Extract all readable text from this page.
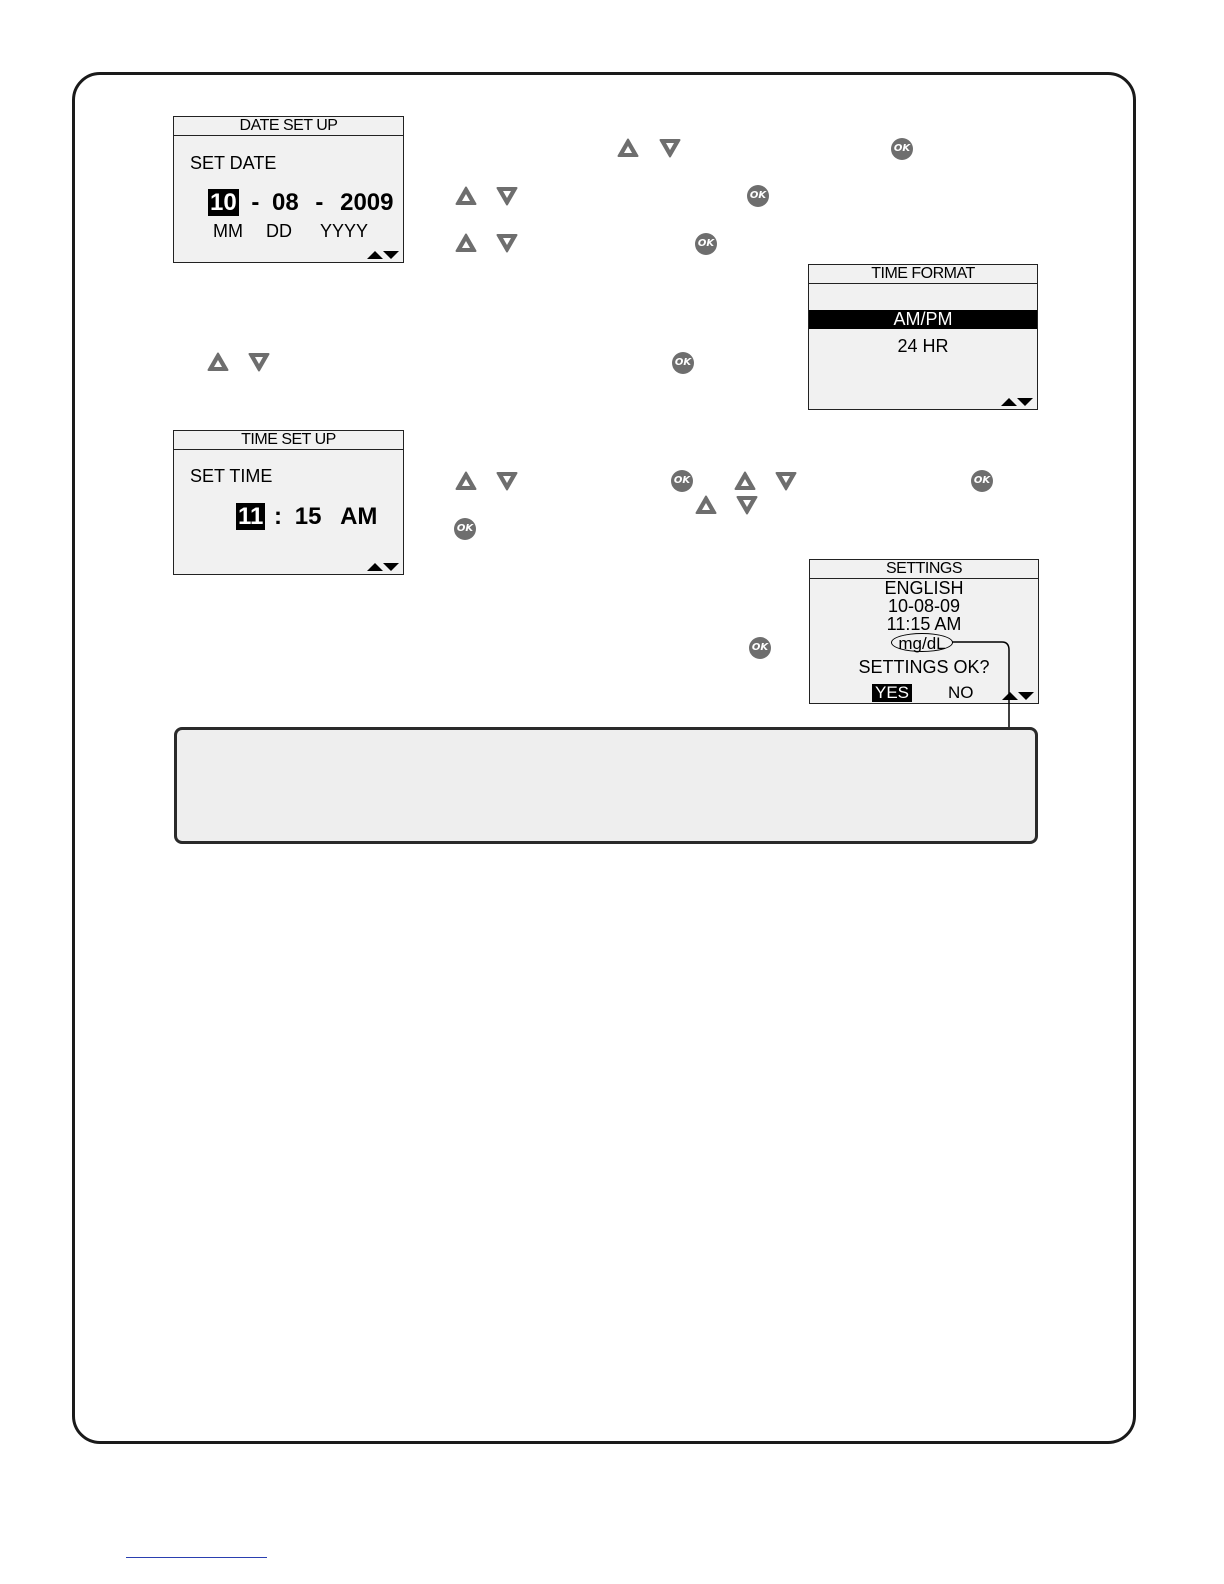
DATE SET UP
SET DATE
10 - 08 - 2009
MM DD YYYY
TIME FORMAT
AM/PM
24 HR
TIME SET UP
SET TIME
11 : 15 AM
SETTINGS
ENGLISH
10-08-09
11:15 AM
mg/dL
SETTINGS OK?
YES NO
OK
OK
OK
OK
OK	OK
OK
OK
